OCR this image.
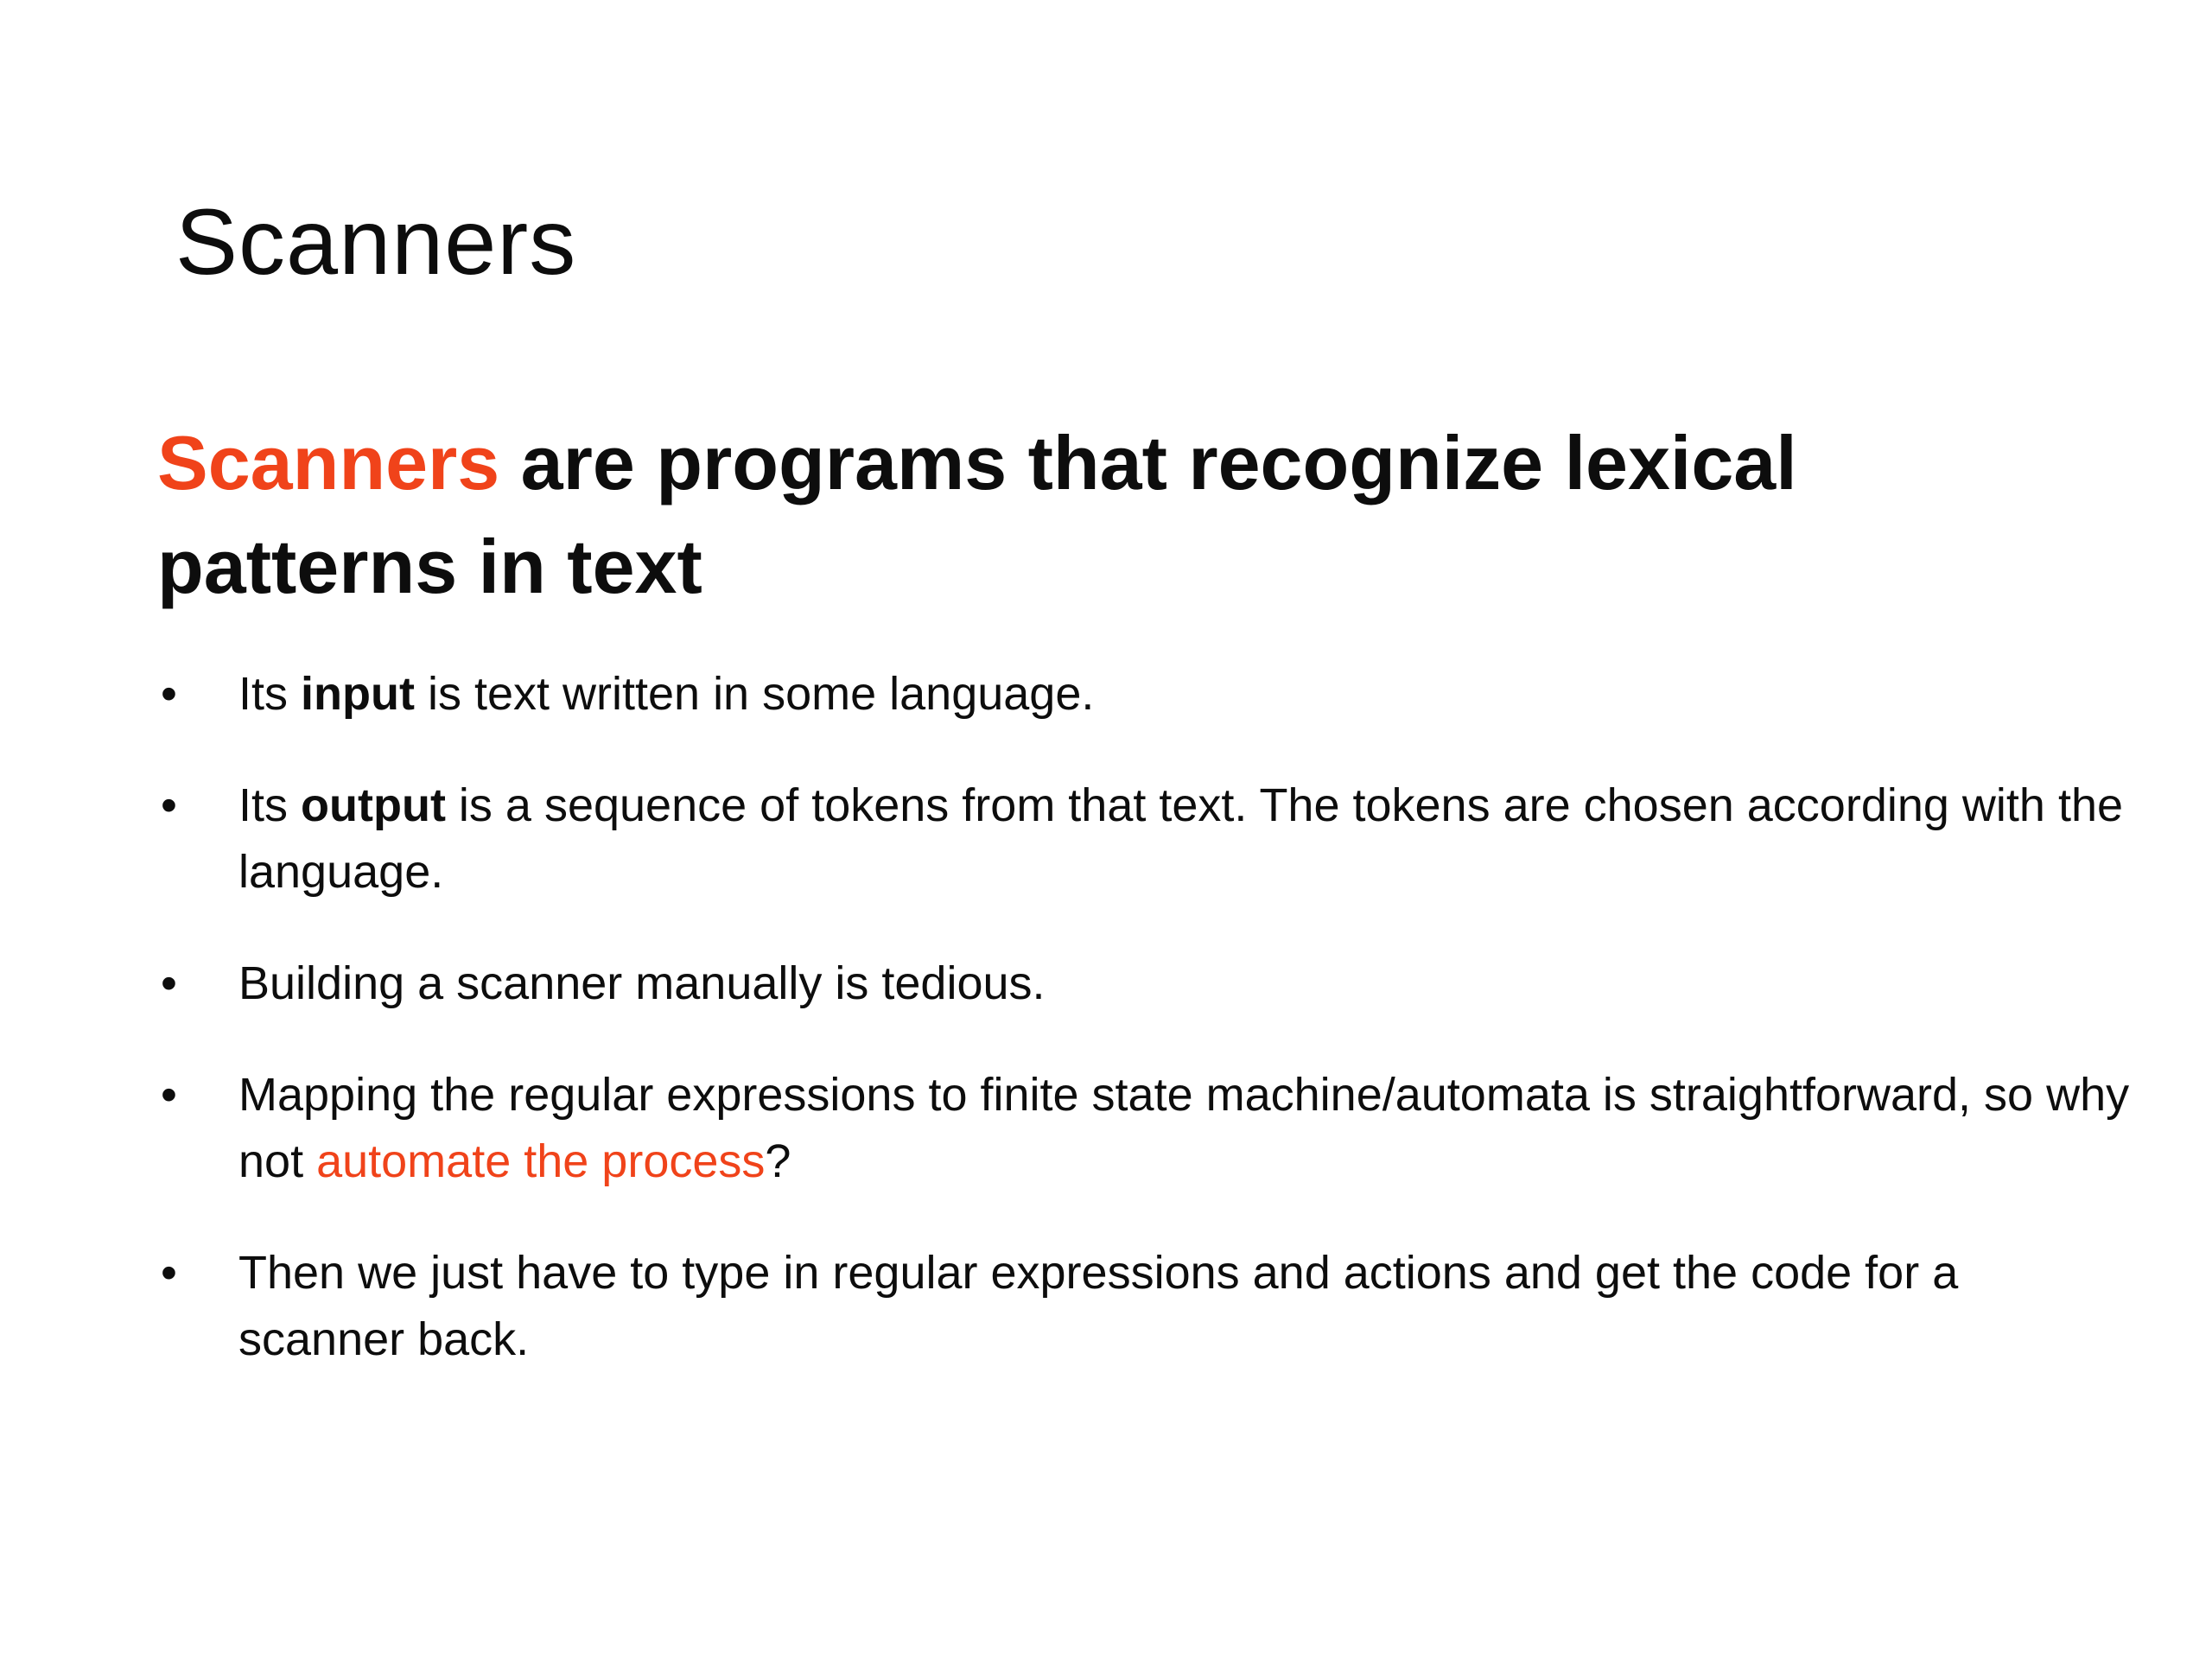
Scanners
Scanners are programs that recognize lexical patterns in text
• Its input is text written in some language.
• Its output is a sequence of tokens from that text. The tokens are chosen according with the language.
• Building a scanner manually is tedious.
• Mapping the regular expressions to finite state machine/automata is straightforward, so why not automate the process?
• Then we just have to type in regular expressions and actions and get the code for a scanner back.
